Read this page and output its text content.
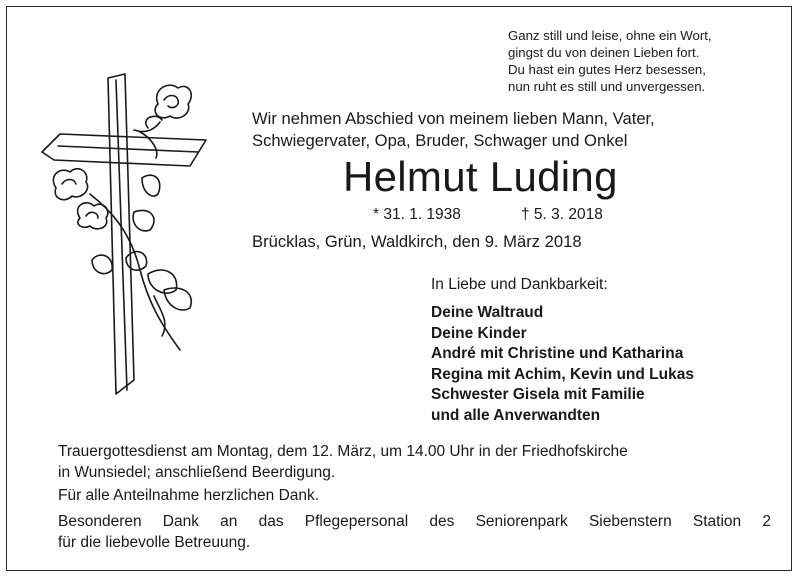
Ganz still und leise, ohne ein Wort,
gingst du von deinen Lieben fort.
Du hast ein gutes Herz besessen,
nun ruht es still und unvergessen.
Wir nehmen Abschied von meinem lieben Mann, Vater,
Schwiegervater, Opa, Bruder, Schwager und Onkel
Helmut Luding
* 31. 1. 1938	† 5. 3. 2018
Brücklas, Grün, Waldkirch, den 9. März 2018
In Liebe und Dankbarkeit:
Deine Waltraud
Deine Kinder
André mit Christine und Katharina
Regina mit Achim, Kevin und Lukas
Schwester Gisela mit Familie
und alle Anverwandten
Trauergottesdienst am Montag, dem 12. März, um 14.00 Uhr in der Friedhofskirche
in Wunsiedel; anschließend Beerdigung.
Für alle Anteilnahme herzlichen Dank.
Besonderen Dank an das Pflegepersonal des Seniorenpark Siebenstern Station 2
für die liebevolle Betreuung.
